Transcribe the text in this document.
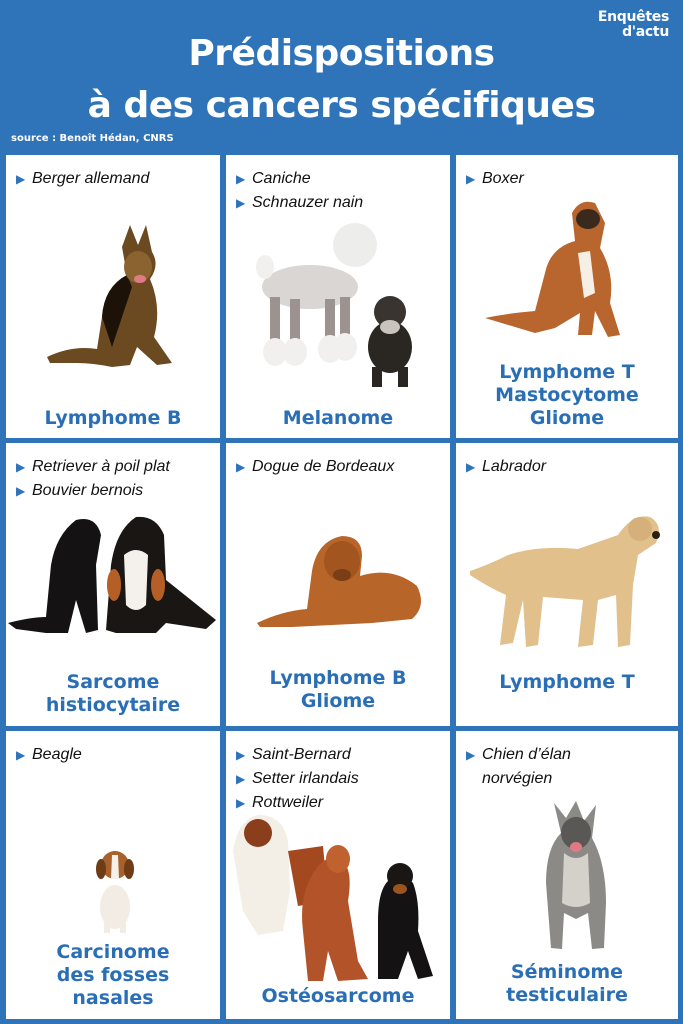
Enquêtes
d'actu
Prédispositions
à des cancers spécifiques
source : Benoît Hédan, CNRS
▶ Berger allemand
Lymphome B
▶ Caniche
▶ Schnauzer nain
Melanome
▶ Boxer
Lymphome T
Mastocytome
Gliome
▶ Retriever à poil plat
▶ Bouvier bernois
Sarcome
histiocytaire
▶ Dogue de Bordeaux
Lymphome B
Gliome
▶ Labrador
Lymphome T
▶ Beagle
Carcinome
des fosses
nasales
▶ Saint-Bernard
▶ Setter irlandais
▶ Rottweiler
Ostéosarcome
▶ Chien d’élan
norvégien
Séminome
testiculaire
